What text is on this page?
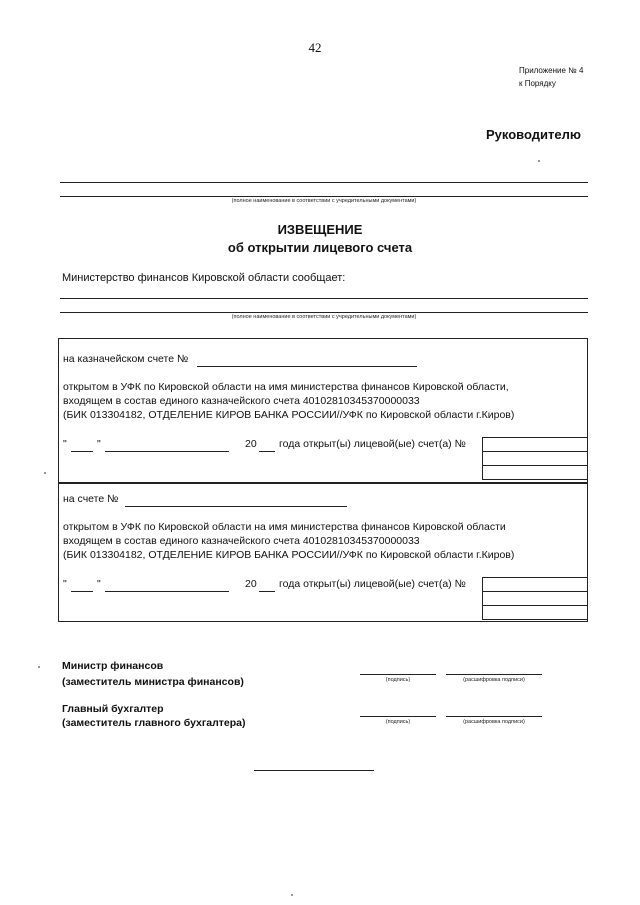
42
Приложение № 4
к Порядку
Руководителю
(полное наименование в соответствии с учредительными документами)
ИЗВЕЩЕНИЕ
об открытии лицевого счета
Министерство финансов Кировской области сообщает:
(полное наименование в соответствии с учредительными документами)
на казначейском счете №
открытом в УФК по Кировской области на имя министерства финансов Кировской области,
входящем в состав единого казначейского счета 40102810345370000033
(БИК 013304182, ОТДЕЛЕНИЕ КИРОВ БАНКА РОССИИ//УФК по Кировской области г.Киров)
"	"	20 года открыт(ы) лицевой(ые) счет(а) №
на счете №
открытом в УФК по Кировской области на имя министерства финансов Кировской области
входящем в состав единого казначейского счета 40102810345370000033
(БИК 013304182, ОТДЕЛЕНИЕ КИРОВ БАНКА РОССИИ//УФК по Кировской области г.Киров)
"	"	20 года открыт(ы) лицевой(ые) счет(а) №
Министр финансов
(заместитель министра финансов)	(подпись)	(расшифровка подписи)
Главный бухгалтер
(заместитель главного бухгалтера)	(подпись)	(расшифровка подписи)
